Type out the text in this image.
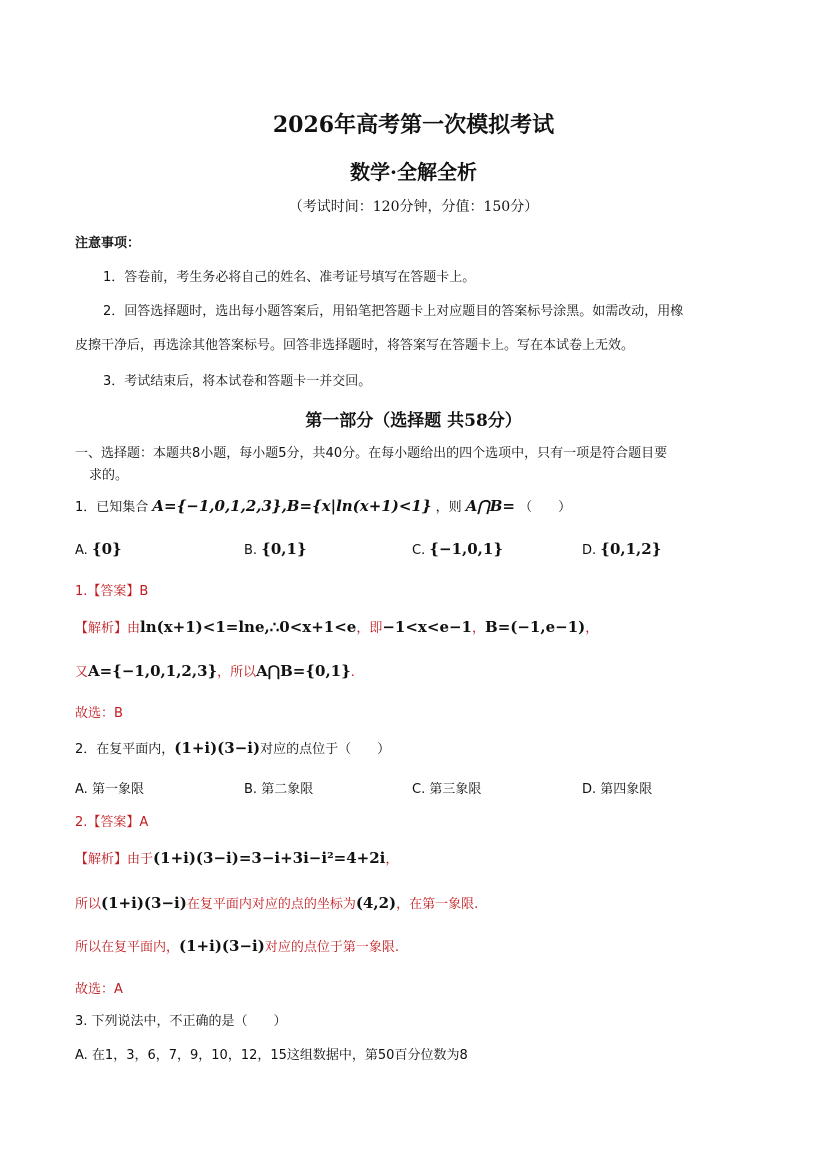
2026年高考第一次模拟考试
数学·全解全析
（考试时间：120分钟，分值：150分）
注意事项：
1．答卷前，考生务必将自己的姓名、准考证号填写在答题卡上。
2．回答选择题时，选出每小题答案后，用铅笔把答题卡上对应题目的答案标号涂黑。如需改动，用橡
皮擦干净后，再选涂其他答案标号。回答非选择题时，将答案写在答题卡上。写在本试卷上无效。
3．考试结束后，将本试卷和答题卡一并交回。
第一部分（选择题 共58分）
一、选择题：本题共8小题，每小题5分，共40分。在每小题给出的四个选项中，只有一项是符合题目要
求的。
1．已知集合 A={−1,0,1,2,3},B={x|ln(x+1)<1} ，则 A⋂B= （　　）
A. {0}	B. {0,1}	C. {−1,0,1}	D. {0,1,2}
1.【答案】B
【解析】由ln(x+1)<1=lne,∴0<x+1<e，即−1<x<e−1，B=(−1,e−1)，
又A={−1,0,1,2,3}，所以A⋂B={0,1}.
故选：B
2．在复平面内，(1+i)(3−i)对应的点位于（　　）
A. 第一象限	B. 第二象限	C. 第三象限	D. 第四象限
2.【答案】A
【解析】由于(1+i)(3−i)=3−i+3i−i²=4+2i，
所以(1+i)(3−i)在复平面内对应的点的坐标为(4,2)，在第一象限.
所以在复平面内，(1+i)(3−i)对应的点位于第一象限.
故选：A
3. 下列说法中，不正确的是（　　）
A. 在1，3，6，7，9，10，12，15这组数据中，第50百分位数为8
